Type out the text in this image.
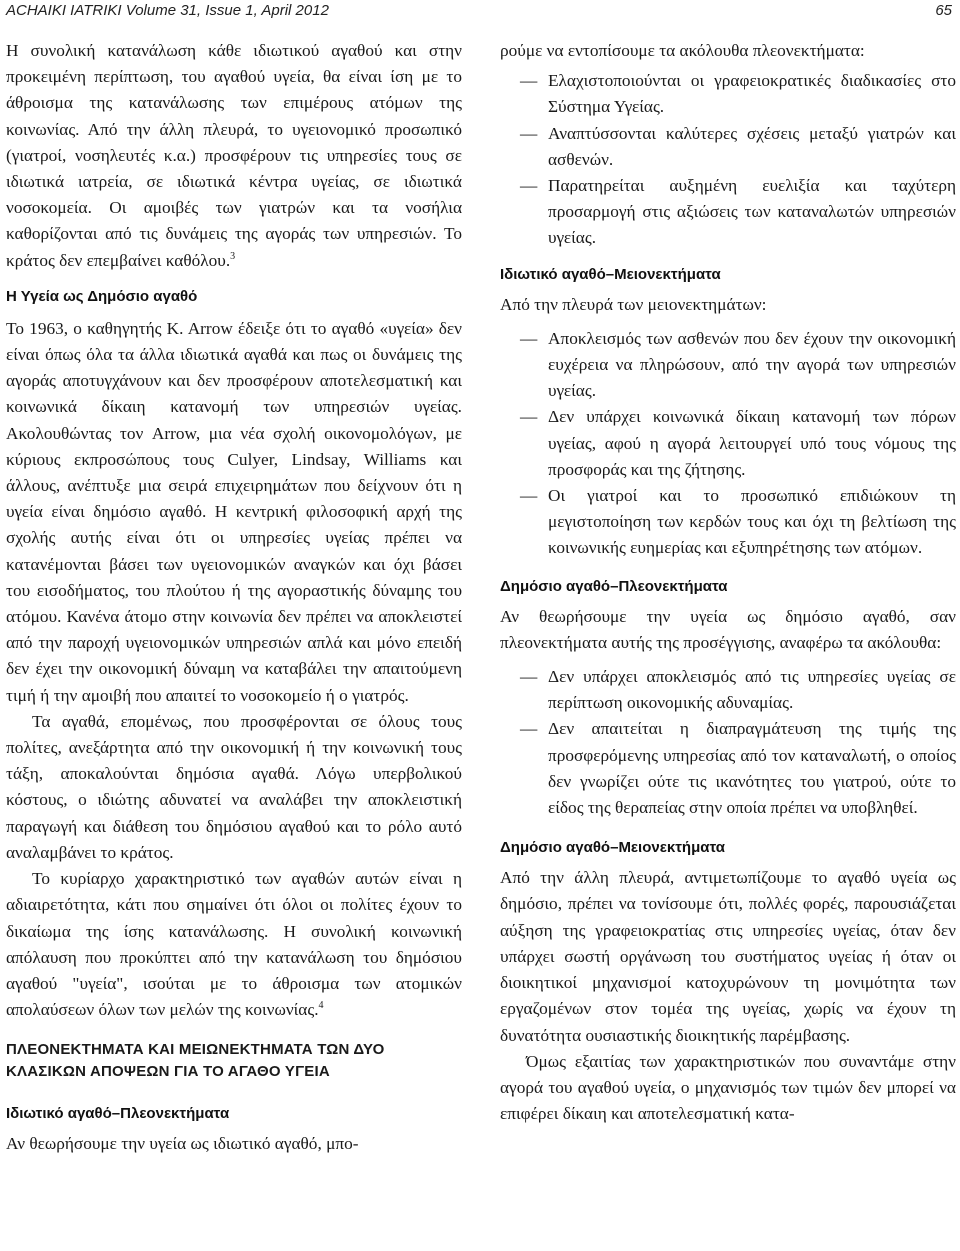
ACHAIKI IATRIKI Volume 31, Issue 1, April 2012	65

Η συνολική κατανάλωση κάθε ιδιωτικού αγαθού και στην προκειμένη περίπτωση, του αγαθού υγεία, θα είναι ίση με το άθροισμα της κατανάλωσης των επιμέρους ατόμων της κοινωνίας. Από την άλλη πλευρά, το υγειονομικό προσωπικό (γιατροί, νοσηλευτές κ.α.) προσφέρουν τις υπηρεσίες τους σε ιδιωτικά ιατρεία, σε ιδιωτικά κέντρα υγείας, σε ιδιωτικά νοσοκομεία. Οι αμοιβές των γιατρών και τα νοσήλια καθορίζονται από τις δυνάμεις της αγοράς των υπηρεσιών. Το κράτος δεν επεμβαίνει καθόλου.$^3$

Η Υγεία ως Δημόσιο αγαθό

Το 1963, ο καθηγητής K. Arrow έδειξε ότι το αγαθό «υγεία» δεν είναι όπως όλα τα άλλα ιδιωτικά αγαθά και πως οι δυνάμεις της αγοράς αποτυγχάνουν και δεν προσφέρουν αποτελεσματική και κοινωνικά δίκαιη κατανομή των υπηρεσιών υγείας. Ακολουθώντας τον Arrow, μια νέα σχολή οικονομολόγων, με κύριους εκπροσώπους τους Culyer, Lindsay, Williams και άλλους, ανέπτυξε μια σειρά επιχειρημάτων που δείχνουν ότι η υγεία είναι δημόσιο αγαθό. Η κεντρική φιλοσοφική αρχή της σχολής αυτής είναι ότι οι υπηρεσίες υγείας πρέπει να κατανέμονται βάσει των υγειονομικών αναγκών και όχι βάσει του εισοδήματος, του πλούτου ή της αγοραστικής δύναμης του ατόμου. Κανένα άτομο στην κοινωνία δεν πρέπει να αποκλειστεί από την παροχή υγειονομικών υπηρεσιών απλά και μόνο επειδή δεν έχει την οικονομική δύναμη να καταβάλει την απαιτούμενη τιμή ή την αμοιβή που απαιτεί το νοσοκομείο ή ο γιατρός.

Τα αγαθά, επομένως, που προσφέρονται σε όλους τους πολίτες, ανεξάρτητα από την οικονομική ή την κοινωνική τους τάξη, αποκαλούνται δημόσια αγαθά. Λόγω υπερβολικού κόστους, ο ιδιώτης αδυνατεί να αναλάβει την αποκλειστική παραγωγή και διάθεση του δημόσιου αγαθού και το ρόλο αυτό αναλαμβάνει το κράτος.

Το κυρίαρχο χαρακτηριστικό των αγαθών αυτών είναι η αδιαιρετότητα, κάτι που σημαίνει ότι όλοι οι πολίτες έχουν το δικαίωμα της ίσης κατανάλωσης. Η συνολική κοινωνική απόλαυση που προκύπτει από την κατανάλωση του δημόσιου αγαθού "υγεία", ισούται με το άθροισμα των ατομικών απολαύσεων όλων των μελών της κοινωνίας.$^4$

ΠΛΕΟΝΕΚΤΗΜΑΤΑ ΚΑΙ ΜΕΙΩΝΕΚΤΗΜΑΤΑ ΤΩΝ ΔΥΟ ΚΛΑΣΙΚΩΝ ΑΠΟΨΕΩΝ ΓΙΑ ΤΟ ΑΓΑΘΟ ΥΓΕΙΑ
Ιδιωτικό αγαθό–Πλεονεκτήματα

Αν θεωρήσουμε την υγεία ως ιδιωτικό αγαθό, μπο-

ρούμε να εντοπίσουμε τα ακόλουθα πλεονεκτήματα:

— Ελαχιστοποιούνται οι γραφειοκρατικές διαδικασίες στο Σύστημα Υγείας.
— Αναπτύσσονται καλύτερες σχέσεις μεταξύ γιατρών και ασθενών.
— Παρατηρείται αυξημένη ευελιξία και ταχύτερη προσαρμογή στις αξιώσεις των καταναλωτών υπηρεσιών υγείας.
Ιδιωτικό αγαθό–Μειονεκτήματα

Από την πλευρά των μειονεκτημάτων:

— Αποκλεισμός των ασθενών που δεν έχουν την οικονομική ευχέρεια να πληρώσουν, από την αγορά των υπηρεσιών υγείας.
— Δεν υπάρχει κοινωνικά δίκαιη κατανομή των πόρων υγείας, αφού η αγορά λειτουργεί υπό τους νόμους της προσφοράς και της ζήτησης.
— Οι γιατροί και το προσωπικό επιδιώκουν τη μεγιστοποίηση των κερδών τους και όχι τη βελτίωση της κοινωνικής ευημερίας και εξυπηρέτησης των ατόμων.
Δημόσιο αγαθό–Πλεονεκτήματα

Αν θεωρήσουμε την υγεία ως δημόσιο αγαθό, σαν πλεονεκτήματα αυτής της προσέγγισης, αναφέρω τα ακόλουθα:

— Δεν υπάρχει αποκλεισμός από τις υπηρεσίες υγείας σε περίπτωση οικονομικής αδυναμίας.
— Δεν απαιτείται η διαπραγμάτευση της τιμής της προσφερόμενης υπηρεσίας από τον καταναλωτή, ο οποίος δεν γνωρίζει ούτε τις ικανότητες του γιατρού, ούτε το είδος της θεραπείας στην οποία πρέπει να υποβληθεί.
Δημόσιο αγαθό–Μειονεκτήματα

Από την άλλη πλευρά, αντιμετωπίζουμε το αγαθό υγεία ως δημόσιο, πρέπει να τονίσουμε ότι, πολλές φορές, παρουσιάζεται αύξηση της γραφειοκρατίας στις υπηρεσίες υγείας, όταν δεν υπάρχει σωστή οργάνωση του συστήματος υγείας ή όταν οι διοικητικοί μηχανισμοί κατοχυρώνουν τη μονιμότητα των εργαζομένων στον τομέα της υγείας, χωρίς να έχουν τη δυνατότητα ουσιαστικής διοικητικής παρέμβασης.

Όμως εξαιτίας των χαρακτηριστικών που συναντάμε στην αγορά του αγαθού υγεία, ο μηχανισμός των τιμών δεν μπορεί να επιφέρει δίκαιη και αποτελεσματική κατα-
